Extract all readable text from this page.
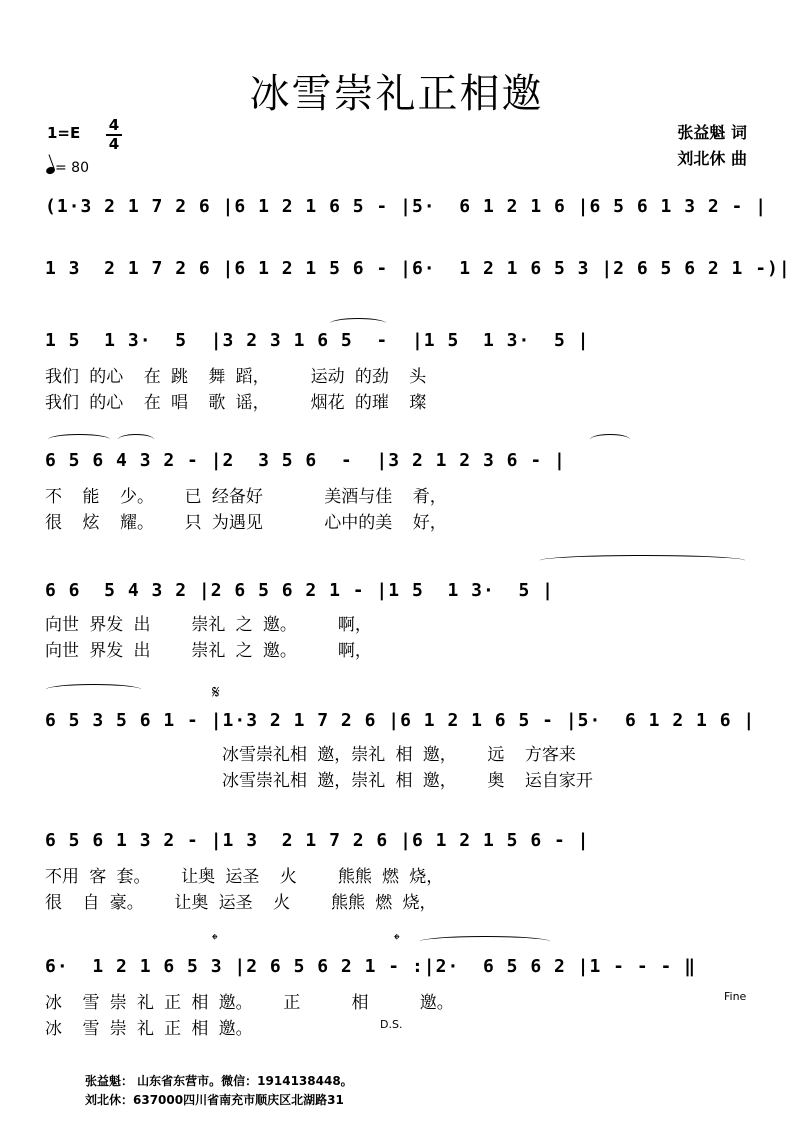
冰雪崇礼正相邀
1=E	4
4
= 80
张益魁 词
刘北休 曲
(1·3 2 1 7 2 6 |6 1 2 1 6 5 - |5·  6 1 2 1 6 |6 5 6 1 3 2 - |
1 3  2 1 7 2 6 |6 1 2 1 5 6 - |6·  1 2 1 6 5 3 |2 6 5 6 2 1 -)|
1 5  1 3·  5  |3 2 3 1 6 5  -  |1 5  1 3·  5 |
我们 的心  在 跳  舞 蹈，    运动 的劲  头
我们 的心  在 唱  歌 谣，    烟花 的璀  璨
6 5 6 4 3 2 - |2  3 5 6  -  |3 2 1 2 3 6 - |
不  能  少。   已 经备好      美酒与佳  肴，
很  炫  耀。   只 为遇见      心中的美  好，
6 6  5 4 3 2 |2 6 5 6 2 1 - |1 5  1 3·  5 |
向世 界发 出    崇礼 之 邀。    啊，
向世 界发 出    崇礼 之 邀。    啊，
𝄋
6 5 3 5 6 1 - |1·3 2 1 7 2 6 |6 1 2 1 6 5 - |5·  6 1 2 1 6 |
冰雪崇礼相 邀，崇礼 相 邀，   远  方客来
冰雪崇礼相 邀，崇礼 相 邀，   奥  运自家开
6 5 6 1 3 2 - |1 3  2 1 7 2 6 |6 1 2 1 5 6 - |
不用 客 套。   让奥 运圣  火    熊熊 燃 烧，
很  自 豪。   让奥 运圣  火    熊熊 燃 烧，
𝄌	𝄌
6·  1 2 1 6 5 3 |2 6 5 6 2 1 - :|2·  6 5 6 2 |1 - - - ‖
冰  雪 崇 礼 正 相 邀。   正     相     邀。
冰  雪 崇 礼 正 相 邀。
Fine
D.S.
张益魁： 山东省东营市。微信：1914138448。
刘北休：637000四川省南充市顺庆区北湖路31
